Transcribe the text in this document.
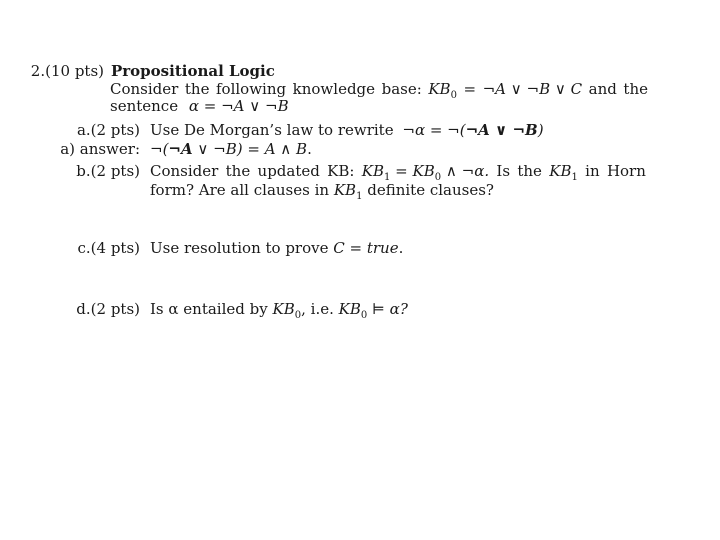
2.(10 pts) Propositional Logic
Consider the following knowledge base: $KB_0$ = ¬A ∨ ¬B ∨ C and the
sentence α = ¬A ∨ ¬B
a.(2 pts) Use De Morgan’s law to rewrite ¬α = ¬(¬A ∨ ¬B)
a) answer: ¬(¬A ∨ ¬B) = A ∧ B.
b.(2 pts) Consider the updated KB: $KB_1 = KB_0$ ∧ ¬α. Is the $KB_1$ in Horn
form? Are all clauses in $KB_1$ definite clauses?
c.(4 pts) Use resolution to prove C = true.
d.(2 pts) Is α entailed by $KB_0$, i.e. $KB_0$ ⊨ α?
